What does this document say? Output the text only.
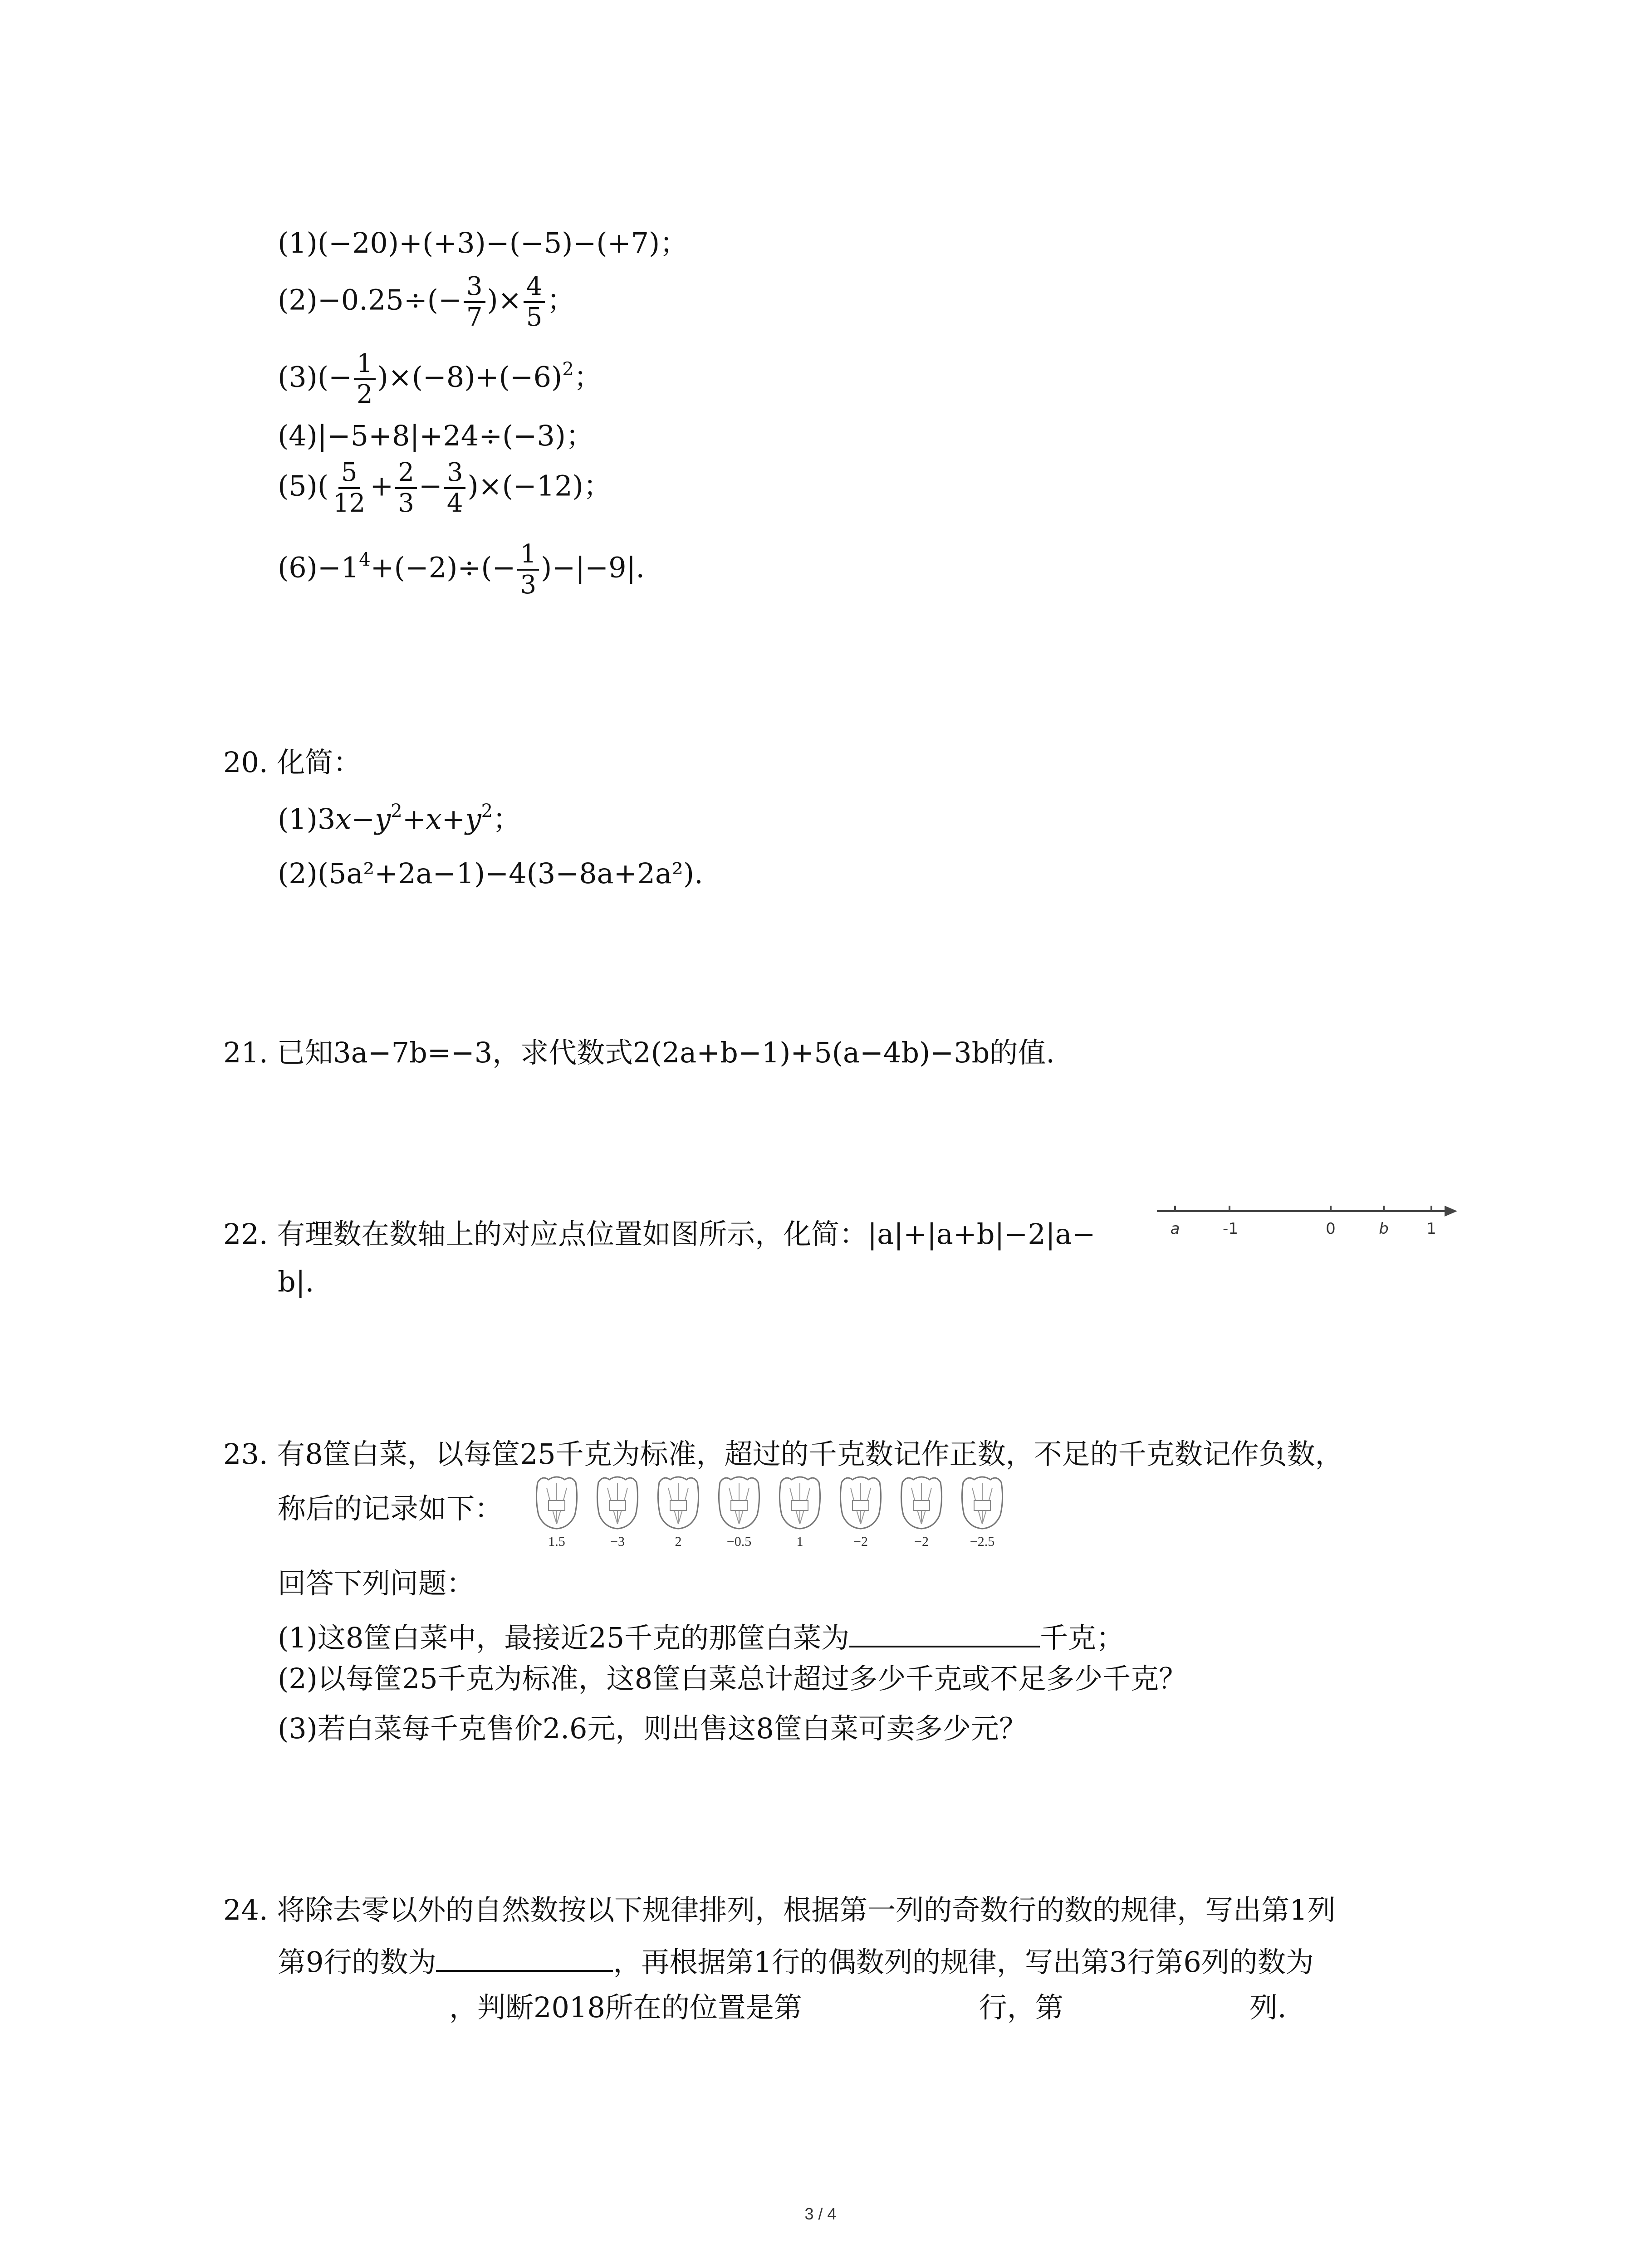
(1)(−20)+(+3)−(−5)−(+7)；
$(2)-0.25\div(- \frac{3}{7}$ )× $\frac{4}{5}$ ；
$(3)(- \frac{1}{2} )\times(-8)+(-6)^2$；
(4)|−5+8|+24÷(−3)；
$(5)( \frac{5}{12} + \frac{2}{3} - \frac{3}{4} )\times(-12)$；
$(6)-1^4+(-2)\div(- \frac{1}{3} )-|-9|$.
20. 化简：
$(1)3x-y^2+x+y^2$；
(2)(5a²+2a−1)−4(3−8a+2a²).
21. 已知3a−7b=−3，求代数式2(2a+b−1)+5(a−4b)−3b的值.
22. 有理数在数轴上的对应点位置如图所示，化简：|a|+|a+b|−2|a−
b|.
a	-1	0	b 1
23. 有8筐白菜，以每筐25千克为标准，超过的千克数记作正数，不足的千克数记作负数，
称后的记录如下：
1.5	−3	2	−0.5	1	−2	−2	−2.5
回答下列问题：
(1)这8筐白菜中，最接近25千克的那筐白菜为	千克；
(2)以每筐25千克为标准，这8筐白菜总计超过多少千克或不足多少千克？
(3)若白菜每千克售价2.6元，则出售这8筐白菜可卖多少元？
24. 将除去零以外的自然数按以下规律排列，根据第一列的奇数行的数的规律，写出第1列
第9行的数为	，再根据第1行的偶数列的规律，写出第3行第6列的数为
，判断2018所在的位置是第	行，第	列.
3 / 4
